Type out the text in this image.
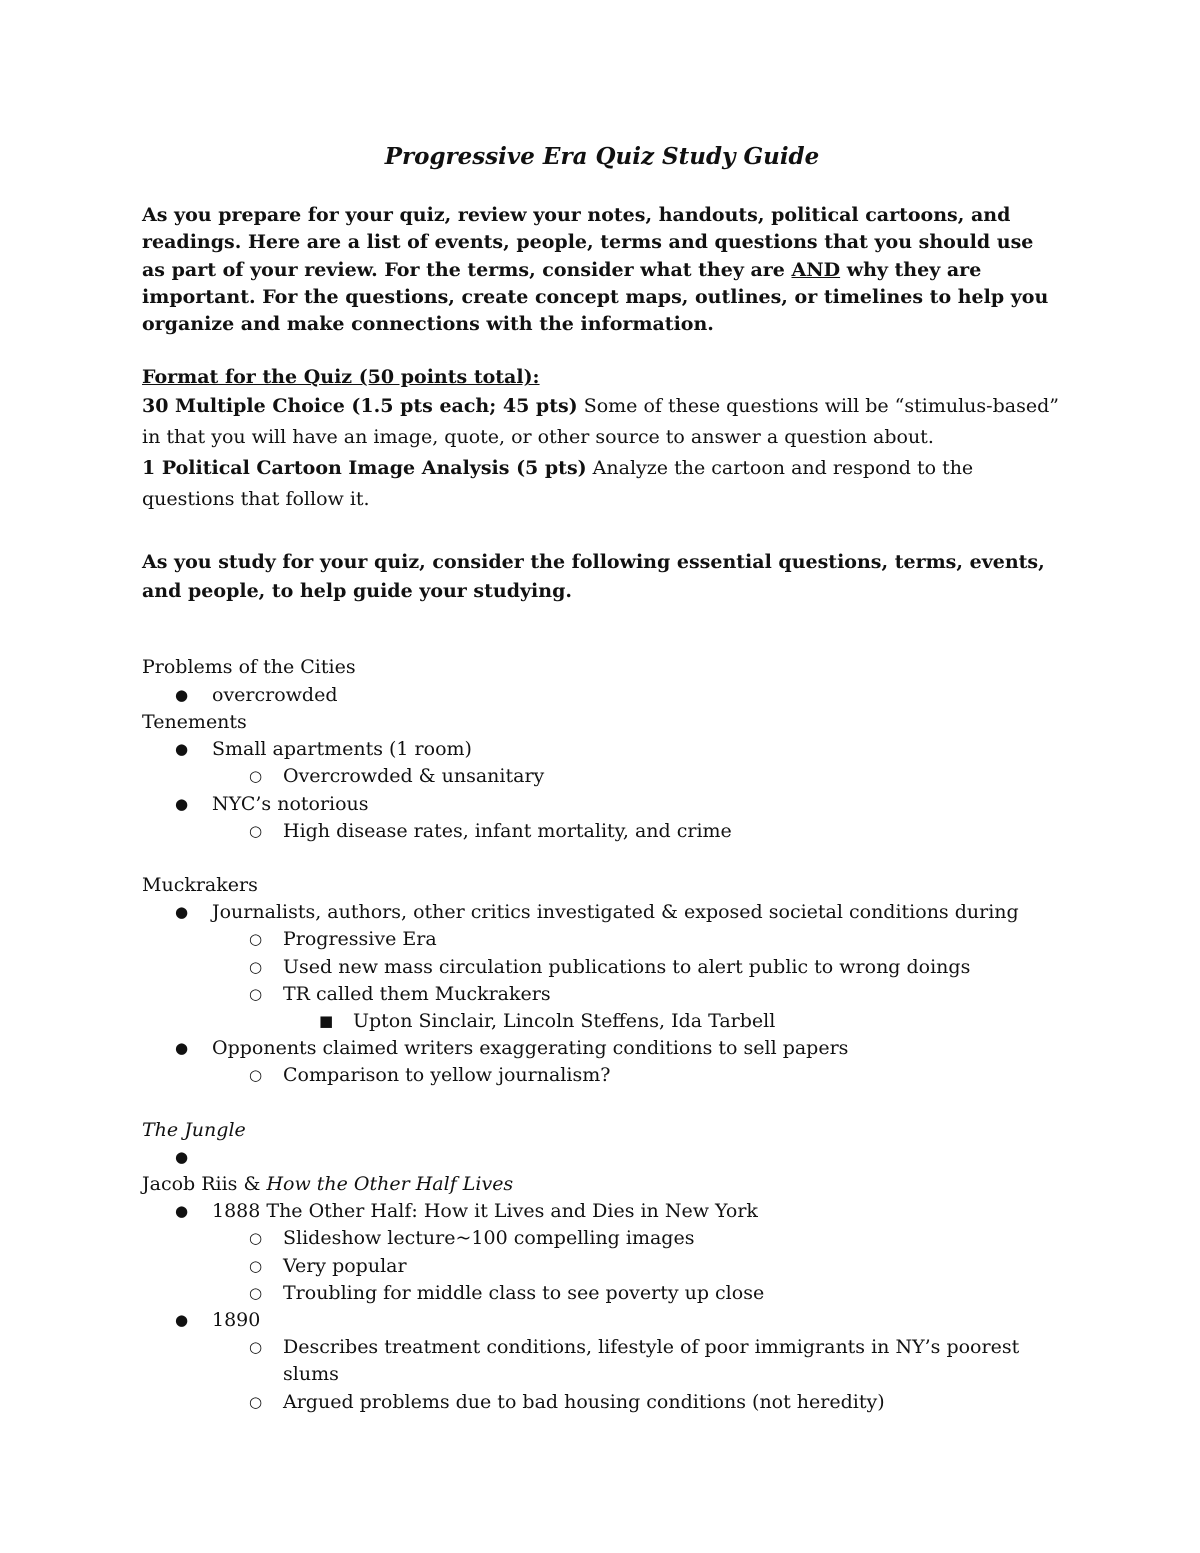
Progressive Era Quiz Study Guide

As you prepare for your quiz, review your notes, handouts, political cartoons, and readings. Here are a list of events, people, terms and questions that you should use as part of your review. For the terms, consider what they are AND why they are important. For the questions, create concept maps, outlines, or timelines to help you organize and make connections with the information.

Format for the Quiz (50 points total):

30 Multiple Choice (1.5 pts each; 45 pts) Some of these questions will be “stimulus-based” in that you will have an image, quote, or other source to answer a question about.

1 Political Cartoon Image Analysis (5 pts) Analyze the cartoon and respond to the questions that follow it.

As you study for your quiz, consider the following essential questions, terms, events, and people, to help guide your studying.

Problems of the Cities

● overcrowded

Tenements

● Small apartments (1 room)
○ Overcrowded & unsanitary
● NYC’s notorious
○ High disease rates, infant mortality, and crime

Muckrakers

● Journalists, authors, other critics investigated & exposed societal conditions during
○ Progressive Era
○ Used new mass circulation publications to alert public to wrong doings
○ TR called them Muckrakers
■ Upton Sinclair, Lincoln Steffens, Ida Tarbell
● Opponents claimed writers exaggerating conditions to sell papers
○ Comparison to yellow journalism?

The Jungle

●

Jacob Riis & How the Other Half Lives

● 1888 The Other Half: How it Lives and Dies in New York
○ Slideshow lecture~100 compelling images
○ Very popular
○ Troubling for middle class to see poverty up close
● 1890
○ Describes treatment conditions, lifestyle of poor immigrants in NY’s poorest slums
○ Argued problems due to bad housing conditions (not heredity)
